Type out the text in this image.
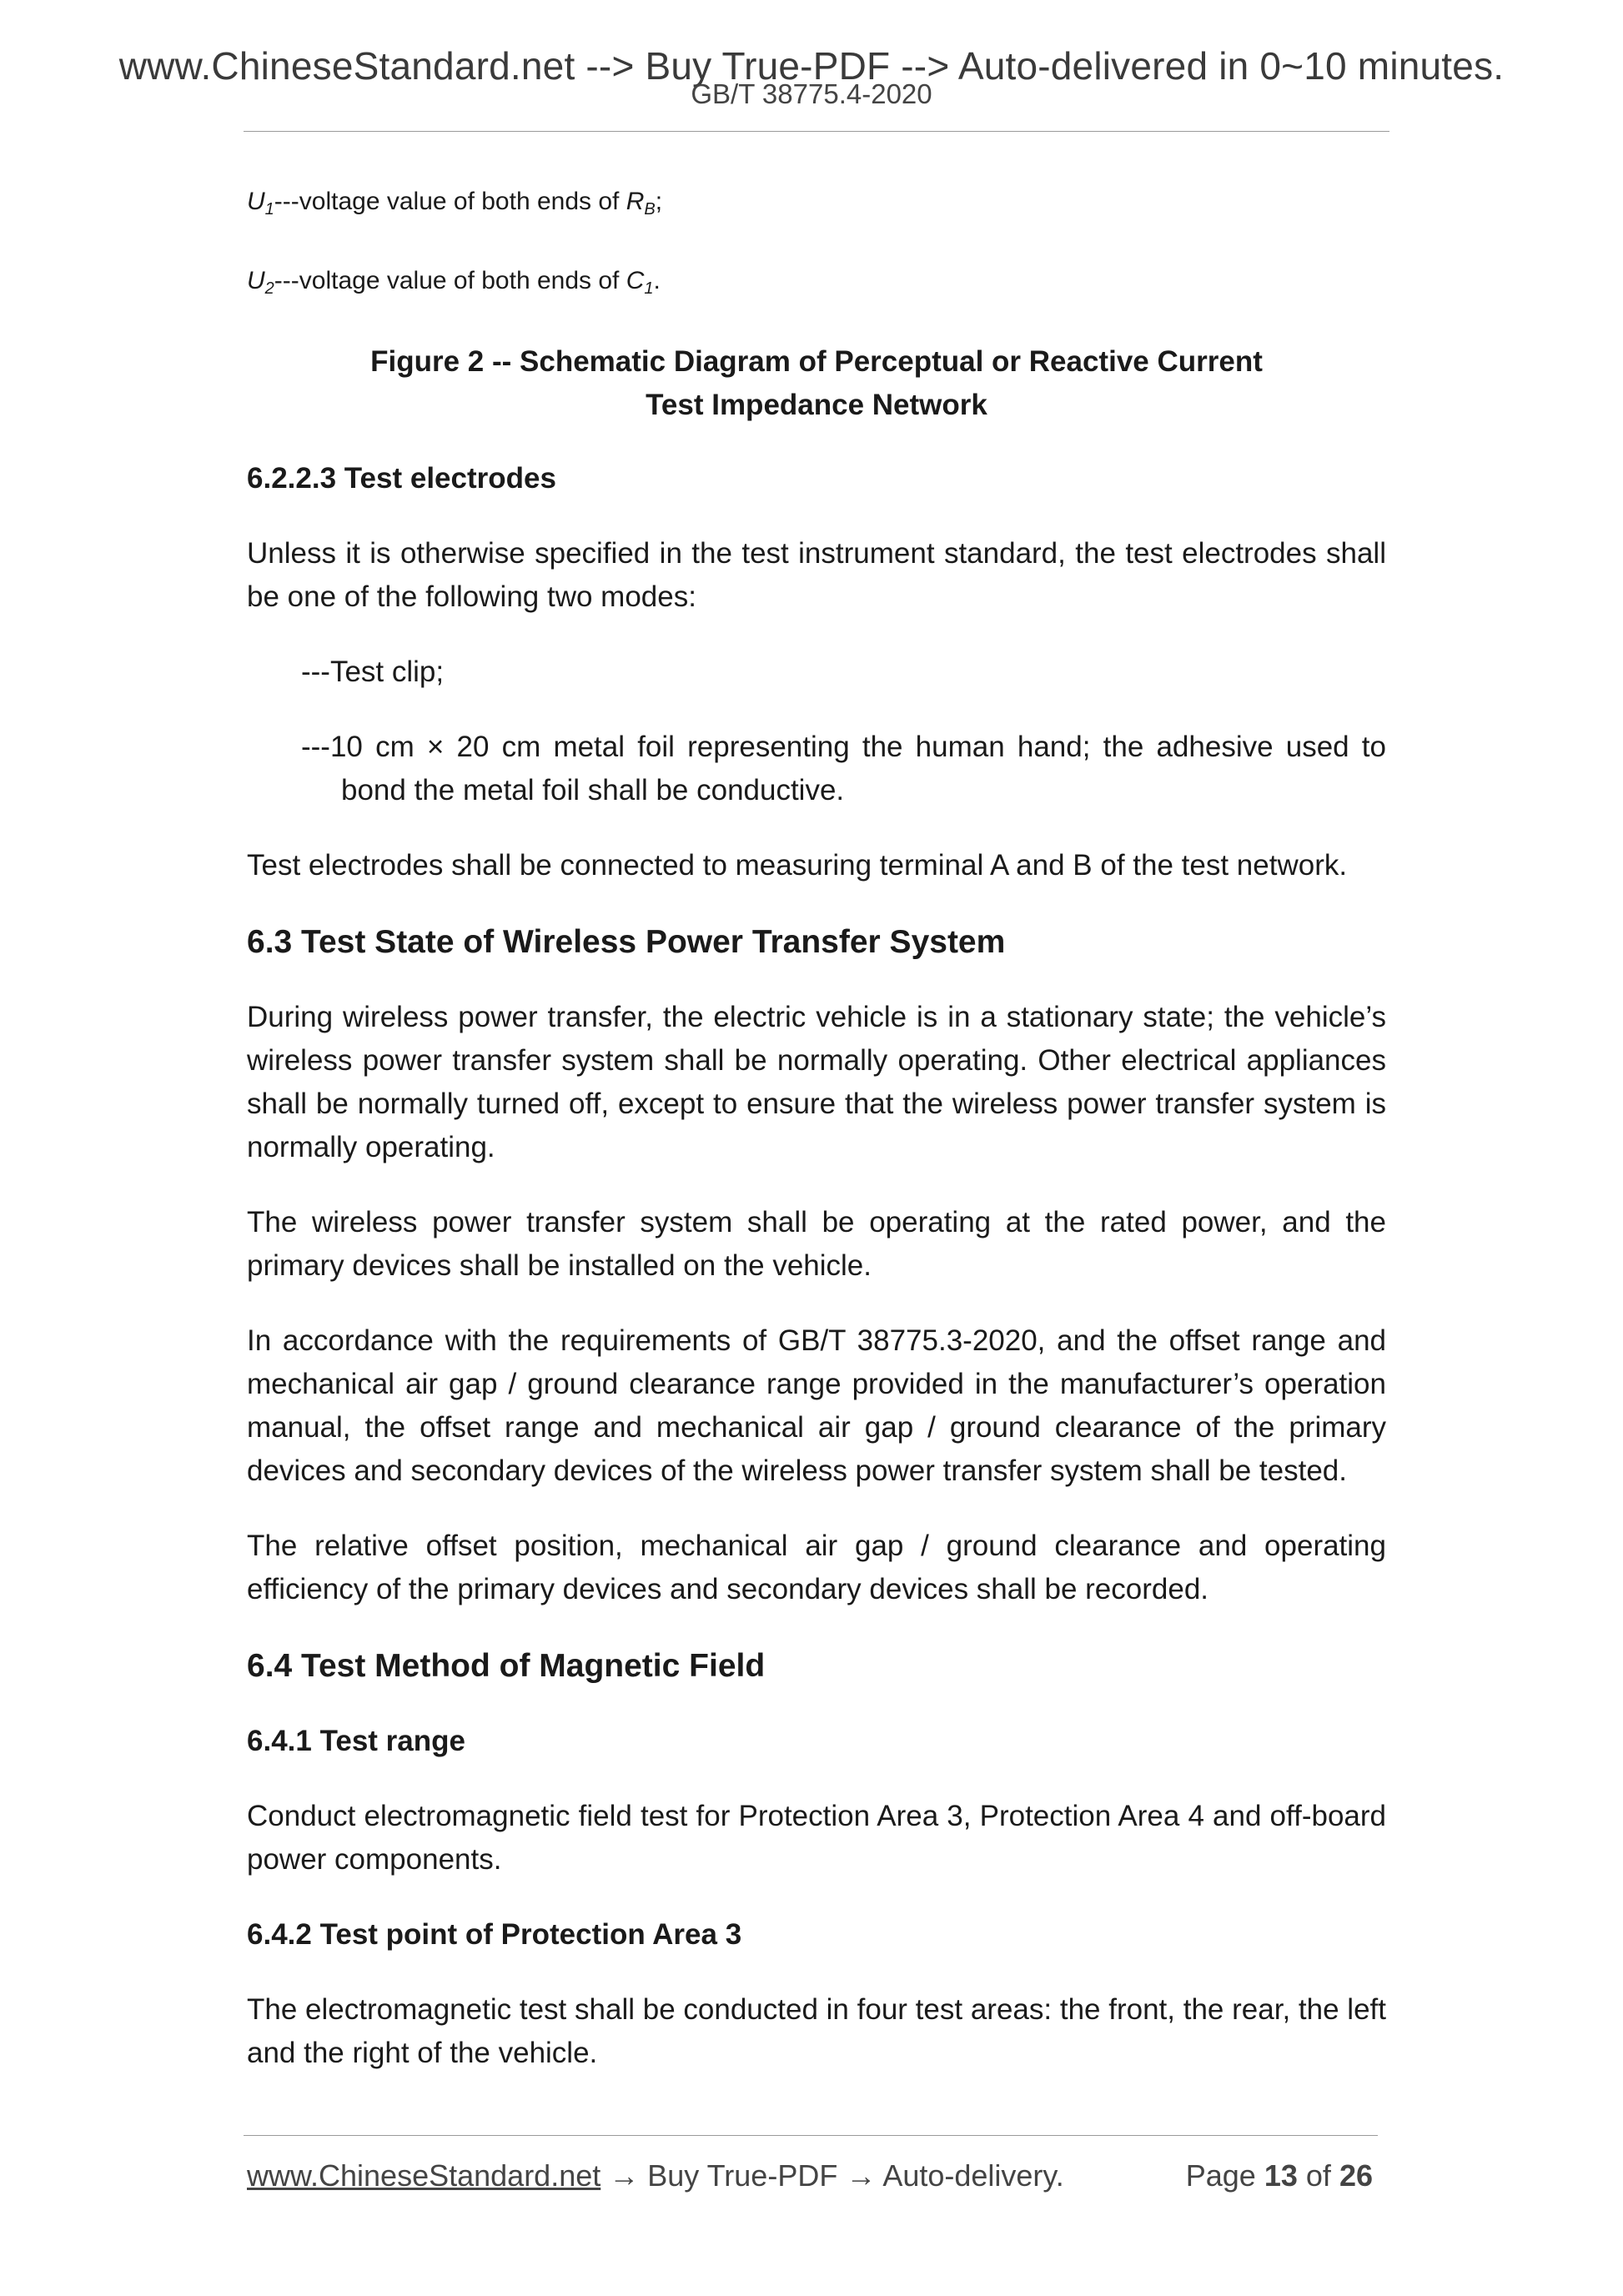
www.ChineseStandard.net --> Buy True-PDF --> Auto-delivered in 0~10 minutes.
GB/T 38775.4-2020

$U_1--$-voltage value of both ends of $R_B$;

$U_2--$-voltage value of both ends of $C_1$.

Figure 2 -- Schematic Diagram of Perceptual or Reactive Current Test Impedance Network

6.2.2.3 Test electrodes

Unless it is otherwise specified in the test instrument standard, the test electrodes shall be one of the following two modes:

---Test clip;

---10 cm × 20 cm metal foil representing the human hand; the adhesive used to bond the metal foil shall be conductive.

Test electrodes shall be connected to measuring terminal A and B of the test network.

6.3 Test State of Wireless Power Transfer System

During wireless power transfer, the electric vehicle is in a stationary state; the vehicle’s wireless power transfer system shall be normally operating. Other electrical appliances shall be normally turned off, except to ensure that the wireless power transfer system is normally operating.

The wireless power transfer system shall be operating at the rated power, and the primary devices shall be installed on the vehicle.

In accordance with the requirements of GB/T 38775.3-2020, and the offset range and mechanical air gap / ground clearance range provided in the manufacturer’s operation manual, the offset range and mechanical air gap / ground clearance of the primary devices and secondary devices of the wireless power transfer system shall be tested.

The relative offset position, mechanical air gap / ground clearance and operating efficiency of the primary devices and secondary devices shall be recorded.

6.4 Test Method of Magnetic Field

6.4.1 Test range

Conduct electromagnetic field test for Protection Area 3, Protection Area 4 and off-board power components.

6.4.2 Test point of Protection Area 3

The electromagnetic test shall be conducted in four test areas: the front, the rear, the left and the right of the vehicle.

www.ChineseStandard.net → Buy True-PDF → Auto-delivery.	Page 13 of 26
